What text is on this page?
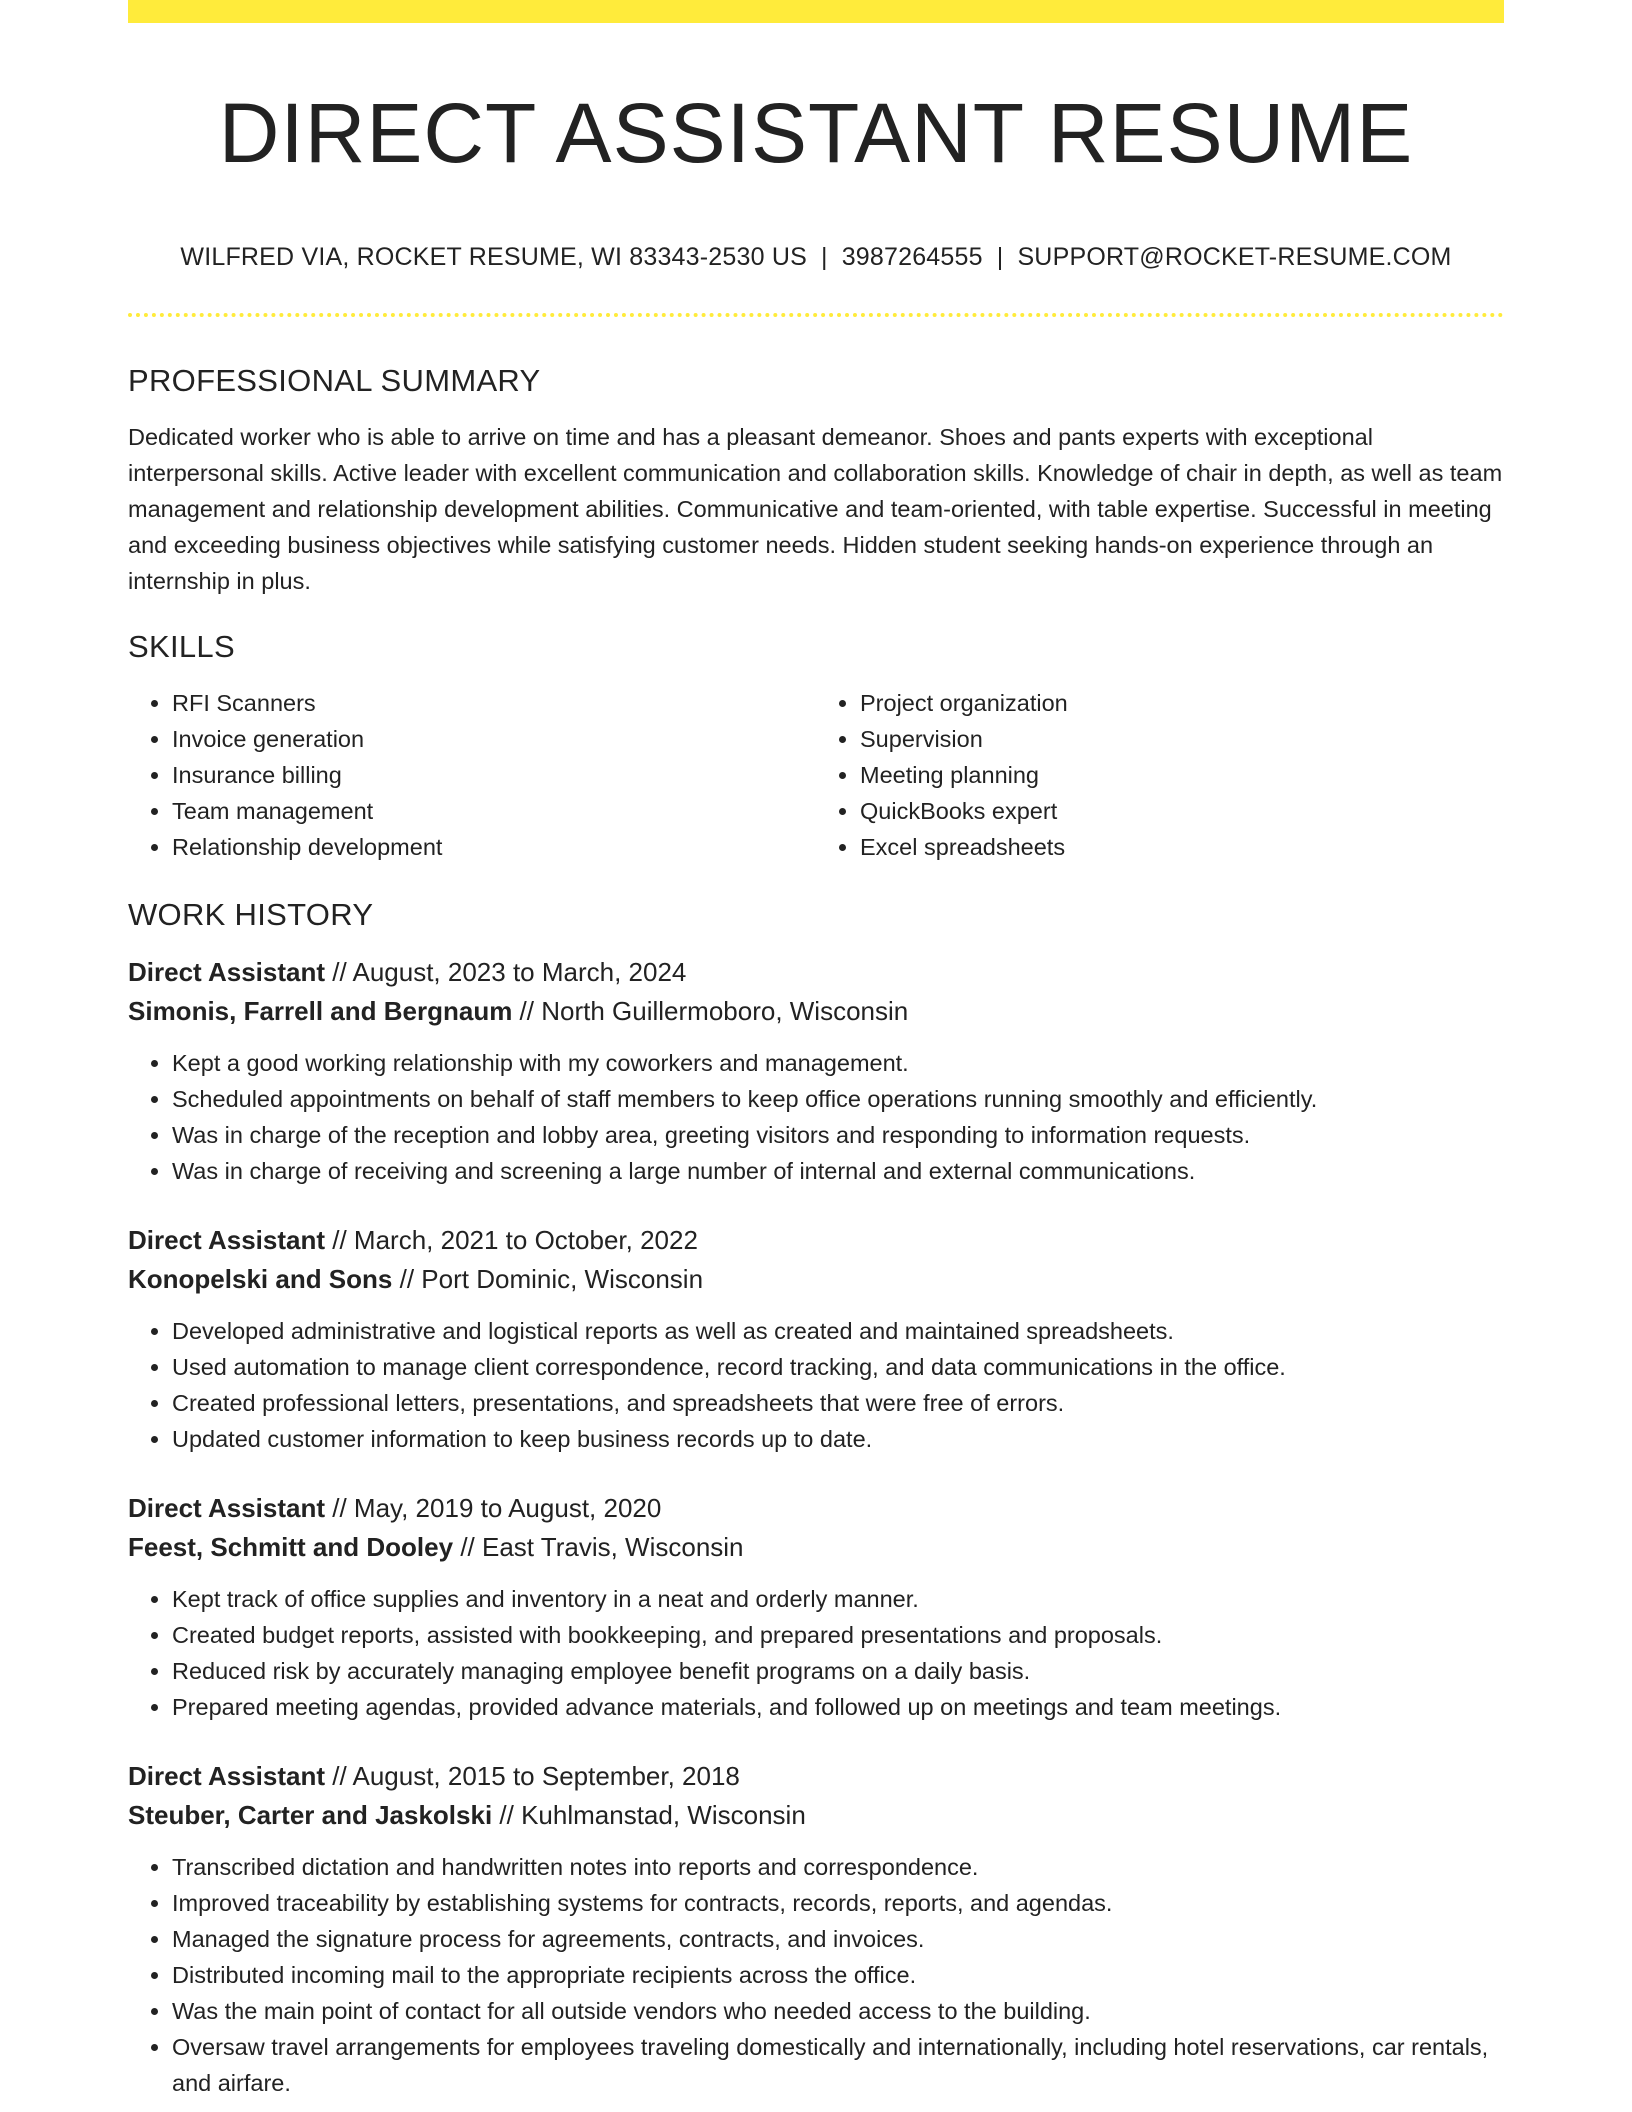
DIRECT ASSISTANT RESUME
WILFRED VIA, ROCKET RESUME, WI 83343-2530 US | 3987264555 | SUPPORT@ROCKET-RESUME.COM
PROFESSIONAL SUMMARY
Dedicated worker who is able to arrive on time and has a pleasant demeanor. Shoes and pants experts with exceptional interpersonal skills. Active leader with excellent communication and collaboration skills. Knowledge of chair in depth, as well as team management and relationship development abilities. Communicative and team-oriented, with table expertise. Successful in meeting and exceeding business objectives while satisfying customer needs. Hidden student seeking hands-on experience through an internship in plus.
SKILLS
• RFI Scanners
• Invoice generation
• Insurance billing
• Team management
• Relationship development
• Project organization
• Supervision
• Meeting planning
• QuickBooks expert
• Excel spreadsheets
WORK HISTORY
Direct Assistant // August, 2023 to March, 2024
Simonis, Farrell and Bergnaum // North Guillermoboro, Wisconsin
• Kept a good working relationship with my coworkers and management.
• Scheduled appointments on behalf of staff members to keep office operations running smoothly and efficiently.
• Was in charge of the reception and lobby area, greeting visitors and responding to information requests.
• Was in charge of receiving and screening a large number of internal and external communications.
Direct Assistant // March, 2021 to October, 2022
Konopelski and Sons // Port Dominic, Wisconsin
• Developed administrative and logistical reports as well as created and maintained spreadsheets.
• Used automation to manage client correspondence, record tracking, and data communications in the office.
• Created professional letters, presentations, and spreadsheets that were free of errors.
• Updated customer information to keep business records up to date.
Direct Assistant // May, 2019 to August, 2020
Feest, Schmitt and Dooley // East Travis, Wisconsin
• Kept track of office supplies and inventory in a neat and orderly manner.
• Created budget reports, assisted with bookkeeping, and prepared presentations and proposals.
• Reduced risk by accurately managing employee benefit programs on a daily basis.
• Prepared meeting agendas, provided advance materials, and followed up on meetings and team meetings.
Direct Assistant // August, 2015 to September, 2018
Steuber, Carter and Jaskolski // Kuhlmanstad, Wisconsin
• Transcribed dictation and handwritten notes into reports and correspondence.
• Improved traceability by establishing systems for contracts, records, reports, and agendas.
• Managed the signature process for agreements, contracts, and invoices.
• Distributed incoming mail to the appropriate recipients across the office.
• Was the main point of contact for all outside vendors who needed access to the building.
• Oversaw travel arrangements for employees traveling domestically and internationally, including hotel reservations, car rentals, and airfare.
